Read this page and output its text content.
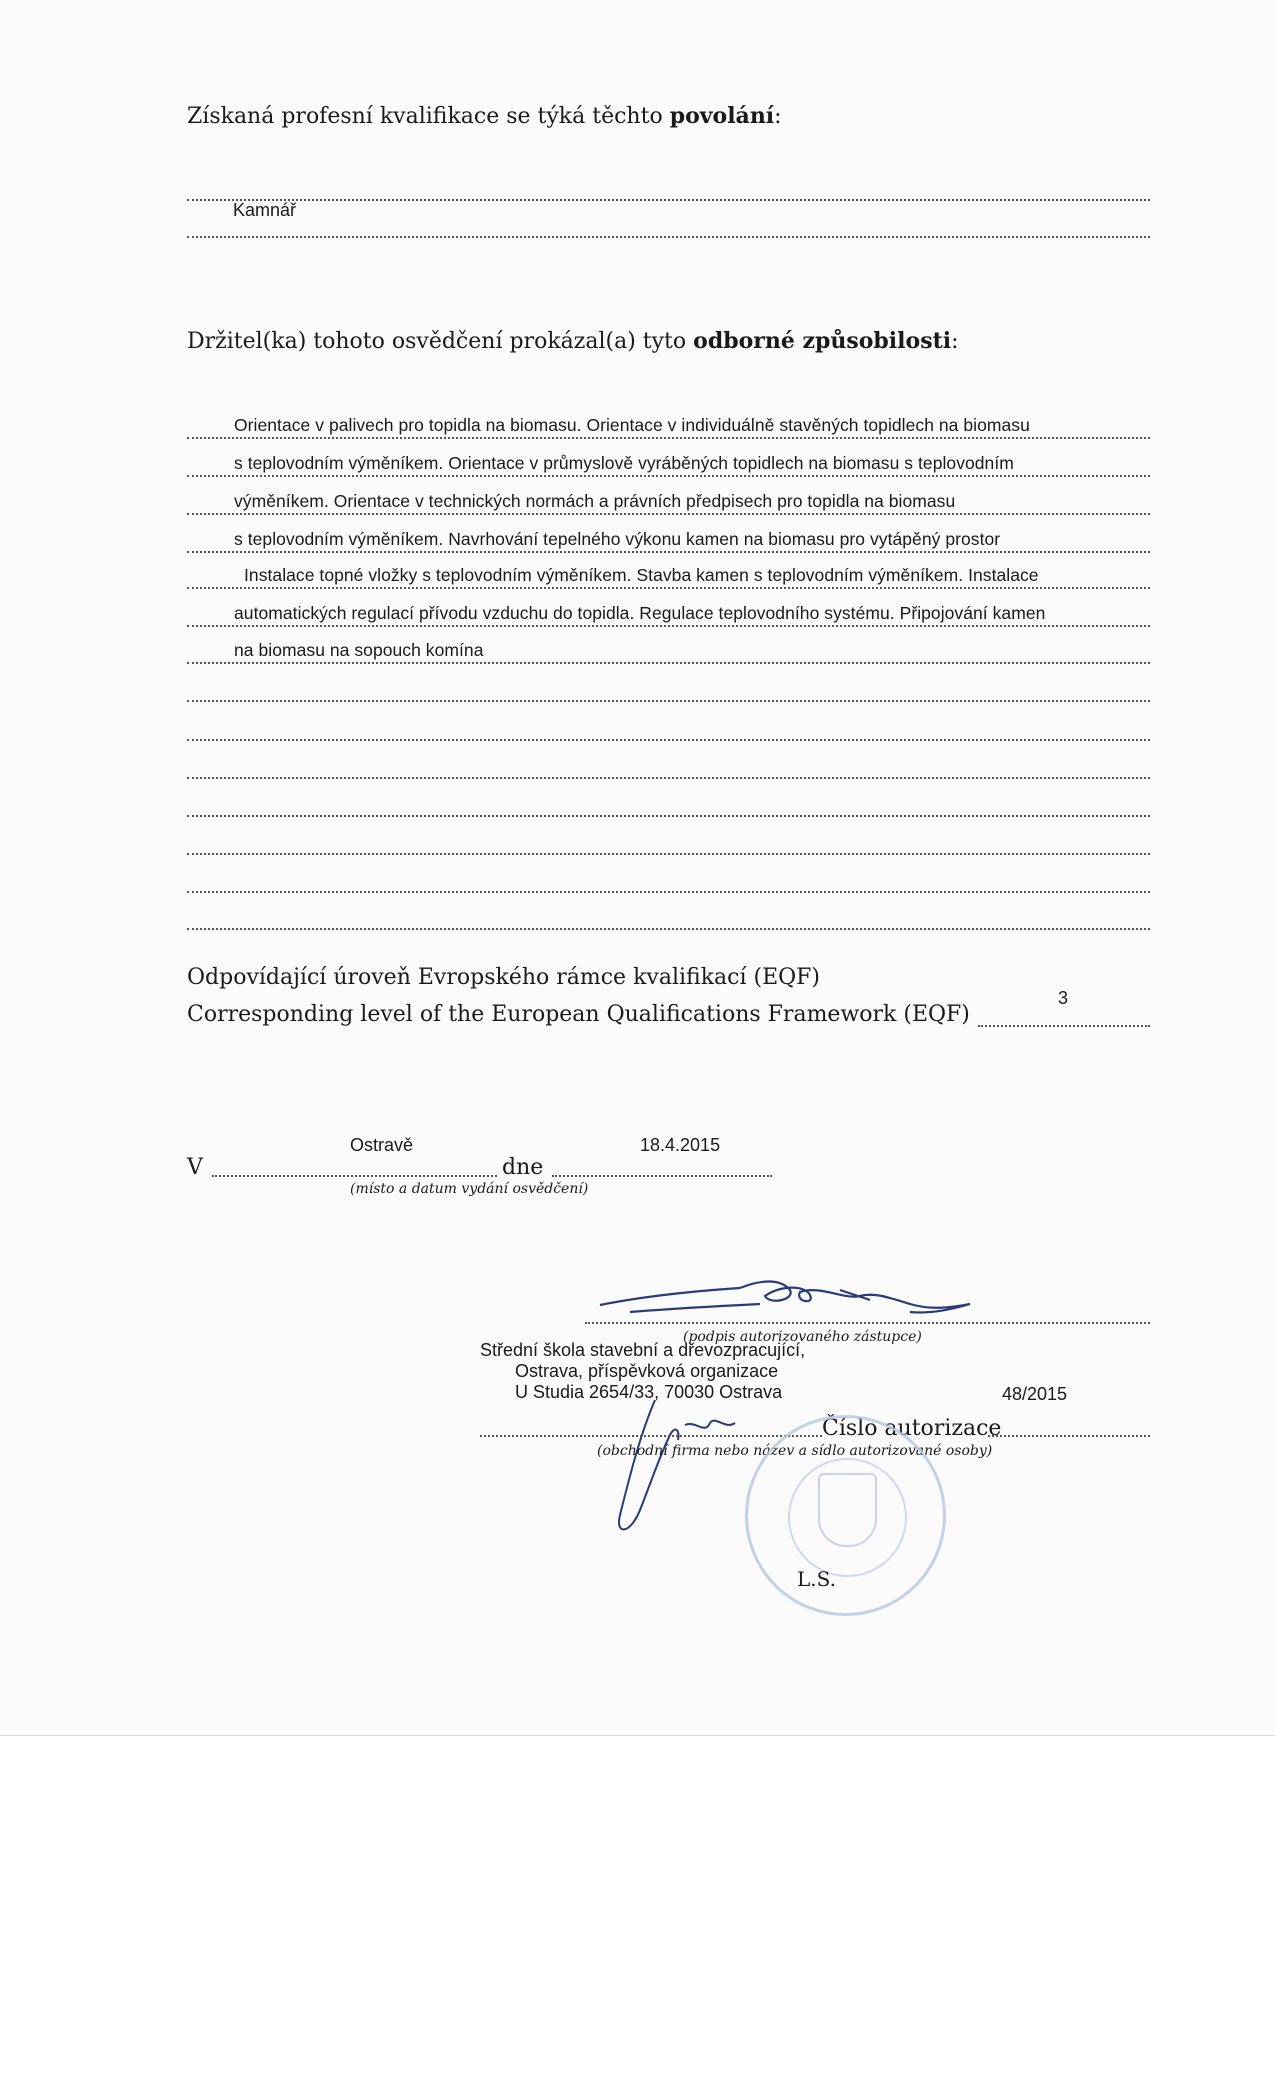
Získaná profesní kvalifikace se týká těchto povolání:
Kamnář
Držitel(ka) tohoto osvědčení prokázal(a) tyto odborné způsobilosti:
Orientace v palivech pro topidla na biomasu. Orientace v individuálně stavěných topidlech na biomasu
s teplovodním výměníkem. Orientace v průmyslově vyráběných topidlech na biomasu s teplovodním
výměníkem. Orientace v technických normách a právních předpisech pro topidla na biomasu
s teplovodním výměníkem. Navrhování tepelného výkonu kamen na biomasu pro vytápěný prostor
Instalace topné vložky s teplovodním výměníkem. Stavba kamen s teplovodním výměníkem. Instalace
automatických regulací přívodu vzduchu do topidla. Regulace teplovodního systému. Připojování kamen
na biomasu na sopouch komína
Odpovídající úroveň Evropského rámce kvalifikací (EQF)
Corresponding level of the European Qualifications Framework (EQF)
3
Ostravě	18.4.2015
V	dne
(místo a datum vydání osvědčení)
(podpis autorizovaného zástupce)
Střední škola stavební a dřevozpracující,
Ostrava, příspěvková organizace
U Studia 2654/33, 70030 Ostrava	48/2015
Číslo autorizace
(obchodní firma nebo název a sídlo autorizované osoby)
L.S.
